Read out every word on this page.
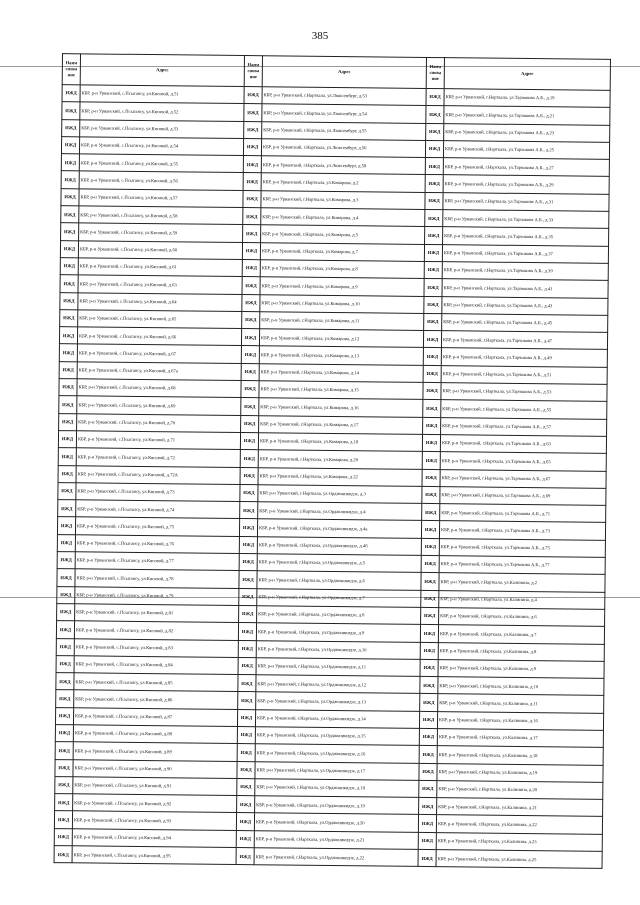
385
Наим снова ние	Адрес	Наим снова ние	Адрес	Наим снова ние	Адрес
ИЖД	КБР, р-н Урванский, с.Псыгансу, ул.Кясовой, д.51	ИЖД	КБР, р-н Урванский, г.Нарткала, ул.Люксембург, д.53	ИЖД	КБР, р-н Урванский, г.Нарткала, ул.Тарчокова А.Б., д.19
ИЖД	КБР, р-н Урванский, с.Псыгансу, ул.Кясовой, д.52	ИЖД	КБР, р-н Урванский, г.Нарткала, ул.Люксембург, д.54	ИЖД	КБР, р-н Урванский, г.Нарткала, ул.Тарчокова А.Б., д.21
ИЖД	КБР, р-н Урванский, с.Псыгансу, ул.Кясовой, д.53	ИЖД	КБР, р-н Урванский, г.Нарткала, ул.Люксембург, д.55	ИЖД	КБР, р-н Урванский, г.Нарткала, ул.Тарчокова А.Б., д.23
ИЖД	КБР, р-н Урванский, с.Псыгансу, ул.Кясовой, д.54	ИЖД	КБР, р-н Урванский, г.Нарткала, ул.Люксембург, д.56	ИЖД	КБР, р-н Урванский, г.Нарткала, ул.Тарчокова А.Б., д.25
ИЖД	КБР, р-н Урванский, с.Псыгансу, ул.Кясовой, д.55	ИЖД	КБР, р-н Урванский, г.Нарткала, ул.Люксембург, д.58	ИЖД	КБР, р-н Урванский, г.Нарткала, ул.Тарчокова А.Б., д.27
ИЖД	КБР, р-н Урванский, с.Псыгансу, ул.Кясовой, д.56	ИЖД	КБР, р-н Урванский, г.Нарткала, ул.Комарова, д.2	ИЖД	КБР, р-н Урванский, г.Нарткала, ул.Тарчокова А.Б., д.29
ИЖД	КБР, р-н Урванский, с.Псыгансу, ул.Кясовой, д.57	ИЖД	КБР, р-н Урванский, г.Нарткала, ул.Комарова, д.3	ИЖД	КБР, р-н Урванский, г.Нарткала, ул.Тарчокова А.Б., д.31
ИЖД	КБР, р-н Урванский, с.Псыгансу, ул.Кясовой, д.58	ИЖД	КБР, р-н Урванский, г.Нарткала, ул.Комарова, д.4	ИЖД	КБР, р-н Урванский, г.Нарткала, ул.Тарчокова А.Б., д.33
ИЖД	КБР, р-н Урванский, с.Псыгансу, ул.Кясовой, д.59	ИЖД	КБР, р-н Урванский, г.Нарткала, ул.Комарова, д.5	ИЖД	КБР, р-н Урванский, г.Нарткала, ул.Тарчокова А.Б., д.35
ИЖД	КБР, р-н Урванский, с.Псыгансу, ул.Кясовой, д.60	ИЖД	КБР, р-н Урванский, г.Нарткала, ул.Комарова, д.7	ИЖД	КБР, р-н Урванский, г.Нарткала, ул.Тарчокова А.Б., д.37
ИЖД	КБР, р-н Урванский, с.Псыгансу, ул.Кясовой, д.61	ИЖД	КБР, р-н Урванский, г.Нарткала, ул.Комарова, д.8	ИЖД	КБР, р-н Урванский, г.Нарткала, ул.Тарчокова А.Б., д.39
ИЖД	КБР, р-н Урванский, с.Псыгансу, ул.Кясовой, д.63	ИЖД	КБР, р-н Урванский, г.Нарткала, ул.Комарова, д.9	ИЖД	КБР, р-н Урванский, г.Нарткала, ул.Тарчокова А.Б., д.41
ИЖД	КБР, р-н Урванский, с.Псыгансу, ул.Кясовой, д.64	ИЖД	КБР, р-н Урванский, г.Нарткала, ул.Комарова, д.10	ИЖД	КБР, р-н Урванский, г.Нарткала, ул.Тарчокова А.Б., д.43
ИЖД	КБР, р-н Урванский, с.Псыгансу, ул.Кясовой, д.65	ИЖД	КБР, р-н Урванский, г.Нарткала, ул.Комарова, д.11	ИЖД	КБР, р-н Урванский, г.Нарткала, ул.Тарчокова А.Б., д.45
ИЖД	КБР, р-н Урванский, с.Псыгансу, ул.Кясовой, д.66	ИЖД	КБР, р-н Урванский, г.Нарткала, ул.Комарова, д.12	ИЖД	КБР, р-н Урванский, г.Нарткала, ул.Тарчокова А.Б., д.47
ИЖД	КБР, р-н Урванский, с.Псыгансу, ул.Кясовой, д.67	ИЖД	КБР, р-н Урванский, г.Нарткала, ул.Комарова, д.13	ИЖД	КБР, р-н Урванский, г.Нарткала, ул.Тарчокова А.Б., д.49
ИЖД	КБР, р-н Урванский, с.Псыгансу, ул.Кясовой, д.67а	ИЖД	КБР, р-н Урванский, г.Нарткала, ул.Комарова, д.14	ИЖД	КБР, р-н Урванский, г.Нарткала, ул.Тарчокова А.Б., д.51
ИЖД	КБР, р-н Урванский, с.Псыгансу, ул.Кясовой, д.68	ИЖД	КБР, р-н Урванский, г.Нарткала, ул.Комарова, д.15	ИЖД	КБР, р-н Урванский, г.Нарткала, ул.Тарчокова А.Б., д.53
ИЖД	КБР, р-н Урванский, с.Псыгансу, ул.Кясовой, д.69	ИЖД	КБР, р-н Урванский, г.Нарткала, ул.Комарова, д.16	ИЖД	КБР, р-н Урванский, г.Нарткала, ул.Тарчокова А.Б., д.55
ИЖД	КБР, р-н Урванский, с.Псыгансу, ул.Кясовой, д.70	ИЖД	КБР, р-н Урванский, г.Нарткала, ул.Комарова, д.17	ИЖД	КБР, р-н Урванский, г.Нарткала, ул.Тарчокова А.Б., д.57
ИЖД	КБР, р-н Урванский, с.Псыгансу, ул.Кясовой, д.71	ИЖД	КБР, р-н Урванский, г.Нарткала, ул.Комарова, д.18	ИЖД	КБР, р-н Урванский, г.Нарткала, ул.Тарчокова А.Б., д.63
ИЖД	КБР, р-н Урванский, с.Псыгансу, ул.Кясовой, д.72	ИЖД	КБР, р-н Урванский, г.Нарткала, ул.Комарова, д.20	ИЖД	КБР, р-н Урванский, г.Нарткала, ул.Тарчокова А.Б., д.65
ИЖД	КБР, р-н Урванский, с.Псыгансу, ул.Кясовой, д.72А	ИЖД	КБР, р-н Урванский, г.Нарткала, ул.Комарова, д.22	ИЖД	КБР, р-н Урванский, г.Нарткала, ул.Тарчокова А.Б., д.67
ИЖД	КБР, р-н Урванский, с.Псыгансу, ул.Кясовой, д.73	ИЖД	КБР, р-н Урванский, г.Нарткала, ул.Орджоникидзе, д.3	ИЖД	КБР, р-н Урванский, г.Нарткала, ул.Тарчокова А.Б., д.69
ИЖД	КБР, р-н Урванский, с.Псыгансу, ул.Кясовой, д.74	ИЖД	КБР, р-н Урванский, г.Нарткала, ул.Орджоникидзе, д.4	ИЖД	КБР, р-н Урванский, г.Нарткала, ул.Тарчокова А.Б., д.71
ИЖД	КБР, р-н Урванский, с.Псыгансу, ул.Кясовой, д.75	ИЖД	КБР, р-н Урванский, г.Нарткала, ул.Орджоникидзе, д.4а	ИЖД	КБР, р-н Урванский, г.Нарткала, ул.Тарчокова А.Б., д.73
ИЖД	КБР, р-н Урванский, с.Псыгансу, ул.Кясовой, д.76	ИЖД	КБР, р-н Урванский, г.Нарткала, ул.Орджоникидзе, д.4б	ИЖД	КБР, р-н Урванский, г.Нарткала, ул.Тарчокова А.Б., д.75
ИЖД	КБР, р-н Урванский, с.Псыгансу, ул.Кясовой, д.77	ИЖД	КБР, р-н Урванский, г.Нарткала, ул.Орджоникидзе, д.5	ИЖД	КБР, р-н Урванский, г.Нарткала, ул.Тарчокова А.Б., д.77
ИЖД	КБР, р-н Урванский, с.Псыгансу, ул.Кясовой, д.78	ИЖД	КБР, р-н Урванский, г.Нарткала, ул.Орджоникидзе, д.6	ИЖД	КБР, р-н Урванский, г.Нарткала, ул.Калинина, д.2
ИЖД	КБР, р-н Урванский, с.Псыгансу, ул.Кясовой, д.79	ИЖД	КБР, р-н Урванский, г.Нарткала, ул.Орджоникидзе, д.7	ИЖД	КБР, р-н Урванский, г.Нарткала, ул.Калинина, д.4
ИЖД	КБР, р-н Урванский, с.Псыгансу, ул.Кясовой, д.81	ИЖД	КБР, р-н Урванский, г.Нарткала, ул.Орджоникидзе, д.8	ИЖД	КБР, р-н Урванский, г.Нарткала, ул.Калинина, д.6
ИЖД	КБР, р-н Урванский, с.Псыгансу, ул.Кясовой, д.82	ИЖД	КБР, р-н Урванский, г.Нарткала, ул.Орджоникидзе, д.9	ИЖД	КБР, р-н Урванский, г.Нарткала, ул.Калинина, д.7
ИЖД	КБР, р-н Урванский, с.Псыгансу, ул.Кясовой, д.83	ИЖД	КБР, р-н Урванский, г.Нарткала, ул.Орджоникидзе, д.10	ИЖД	КБР, р-н Урванский, г.Нарткала, ул.Калинина, д.8
ИЖД	КБР, р-н Урванский, с.Псыгансу, ул.Кясовой, д.84	ИЖД	КБР, р-н Урванский, г.Нарткала, ул.Орджоникидзе, д.11	ИЖД	КБР, р-н Урванский, г.Нарткала, ул.Калинина, д.9
ИЖД	КБР, р-н Урванский, с.Псыгансу, ул.Кясовой, д.85	ИЖД	КБР, р-н Урванский, г.Нарткала, ул.Орджоникидзе, д.12	ИЖД	КБР, р-н Урванский, г.Нарткала, ул.Калинина, д.10
ИЖД	КБР, р-н Урванский, с.Псыгансу, ул.Кясовой, д.86	ИЖД	КБР, р-н Урванский, г.Нарткала, ул.Орджоникидзе, д.13	ИЖД	КБР, р-н Урванский, г.Нарткала, ул.Калинина, д.11
ИЖД	КБР, р-н Урванский, с.Псыгансу, ул.Кясовой, д.87	ИЖД	КБР, р-н Урванский, г.Нарткала, ул.Орджоникидзе, д.14	ИЖД	КБР, р-н Урванский, г.Нарткала, ул.Калинина, д.16
ИЖД	КБР, р-н Урванский, с.Псыгансу, ул.Кясовой, д.88	ИЖД	КБР, р-н Урванский, г.Нарткала, ул.Орджоникидзе, д.15	ИЖД	КБР, р-н Урванский, г.Нарткала, ул.Калинина, д.17
ИЖД	КБР, р-н Урванский, с.Псыгансу, ул.Кясовой, д.89	ИЖД	КБР, р-н Урванский, г.Нарткала, ул.Орджоникидзе, д.16	ИЖД	КБР, р-н Урванский, г.Нарткала, ул.Калинина, д.18
ИЖД	КБР, р-н Урванский, с.Псыгансу, ул.Кясовой, д.90	ИЖД	КБР, р-н Урванский, г.Нарткала, ул.Орджоникидзе, д.17	ИЖД	КБР, р-н Урванский, г.Нарткала, ул.Калинина, д.19
ИЖД	КБР, р-н Урванский, с.Псыгансу, ул.Кясовой, д.91	ИЖД	КБР, р-н Урванский, г.Нарткала, ул.Орджоникидзе, д.18	ИЖД	КБР, р-н Урванский, г.Нарткала, ул.Калинина, д.20
ИЖД	КБР, р-н Урванский, с.Псыгансу, ул.Кясовой, д.92	ИЖД	КБР, р-н Урванский, г.Нарткала, ул.Орджоникидзе, д.19	ИЖД	КБР, р-н Урванский, г.Нарткала, ул.Калинина, д.21
ИЖД	КБР, р-н Урванский, с.Псыгансу, ул.Кясовой, д.93	ИЖД	КБР, р-н Урванский, г.Нарткала, ул.Орджоникидзе, д.20	ИЖД	КБР, р-н Урванский, г.Нарткала, ул.Калинина, д.22
ИЖД	КБР, р-н Урванский, с.Псыгансу, ул.Кясовой, д.94	ИЖД	КБР, р-н Урванский, г.Нарткала, ул.Орджоникидзе, д.21	ИЖД	КБР, р-н Урванский, г.Нарткала, ул.Калинина, д.23
ИЖД	КБР, р-н Урванский, с.Псыгансу, ул.Кясовой, д.95	ИЖД	КБР, р-н Урванский, г.Нарткала, ул.Орджоникидзе, д.22	ИЖД	КБР, р-н Урванский, г.Нарткала, ул.Калинина, д.25
